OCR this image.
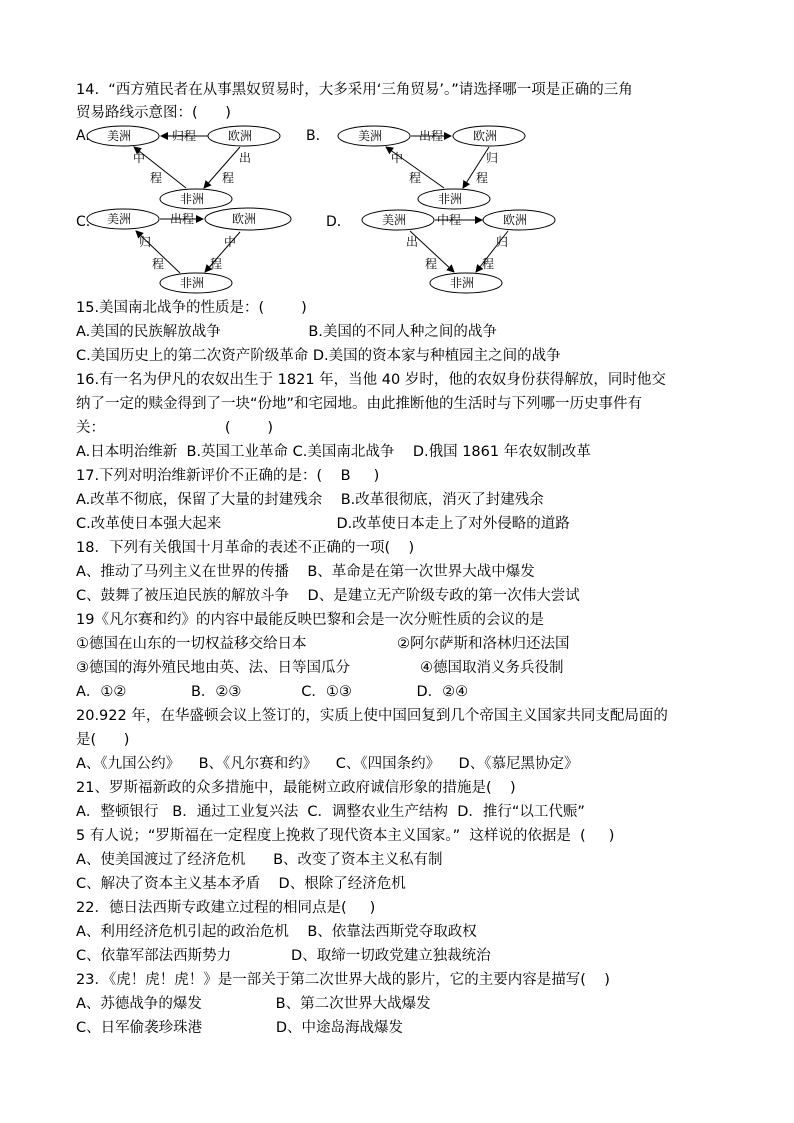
14.  “西方殖民者在从事黑奴贸易时，大多采用‘三角贸易’。”请选择哪一项是正确的三角
贸易路线示意图：(      )
A.	B．
C.	D．
美洲	欧洲
非洲
归程
中
程
出
程
美洲	欧洲
非洲
出程
中
程
归
程
美洲	欧洲
非洲
出程
归
程
中
程
美洲	欧洲
非洲
中程
出
程
归
程
15.美国南北战争的性质是：(        )
A.美国的民族解放战争                   B.美国的不同人种之间的战争
C.美国历史上的第二次资产阶级革命 D.美国的资本家与种植园主之间的战争
16.有一名为伊凡的农奴出生于 1821 年，当他 40 岁时，他的农奴身份获得解放，同时他交
纳了一定的赎金得到了一块“份地”和宅园地。由此推断他的生活时与下列哪一历史事件有
关：                          (        )
A.日本明治维新  B.英国工业革命 C.美国南北战争    D.俄国 1861 年农奴制改革
17.下列对明治维新评价不正确的是：(    B     )
A.改革不彻底，保留了大量的封建残余    B.改革很彻底，消灭了封建残余
C.改革使日本强大起来                         D.改革使日本走上了对外侵略的道路
18．下列有关俄国十月革命的表述不正确的一项(    )
A、推动了马列主义在世界的传播    B、革命是在第一次世界大战中爆发
C、鼓舞了被压迫民族的解放斗争    D、是建立无产阶级专政的第一次伟大尝试
19《凡尔赛和约》的内容中最能反映巴黎和会是一次分赃性质的会议的是
①德国在山东的一切权益移交给日本	②阿尔萨斯和洛林归还法国
③德国的海外殖民地由英、法、日等国瓜分	④德国取消义务兵役制
A．①②              B．②③             C．①③              D．②④
20.922 年，在华盛顿会议上签订的，实质上使中国回复到几个帝国主义国家共同支配局面的
是(      )
A、《九国公约》    B、《凡尔赛和约》    C、《四国条约》    D、《慕尼黑协定》
21、罗斯福新政的众多措施中，最能树立政府诚信形象的措施是(    )
A．整顿银行   B．通过工业复兴法  C．调整农业生产结构  D．推行“以工代赈”
5 有人说；“罗斯福在一定程度上挽救了现代资本主义国家。”  这样说的依据是  (     )
A、使美国渡过了经济危机      B、改变了资本主义私有制
C、解决了资本主义基本矛盾    D、根除了经济危机
22．德日法西斯专政建立过程的相同点是(     )
A、利用经济危机引起的政治危机    B、依靠法西斯党夺取政权
C、依靠军部法西斯势力             D、取缔一切政党建立独裁统治
23．《虎！虎！虎！》是一部关于第二次世界大战的影片，它的主要内容是描写(    )
A、苏德战争的爆发                B、第二次世界大战爆发
C、日军偷袭珍珠港                D、中途岛海战爆发
